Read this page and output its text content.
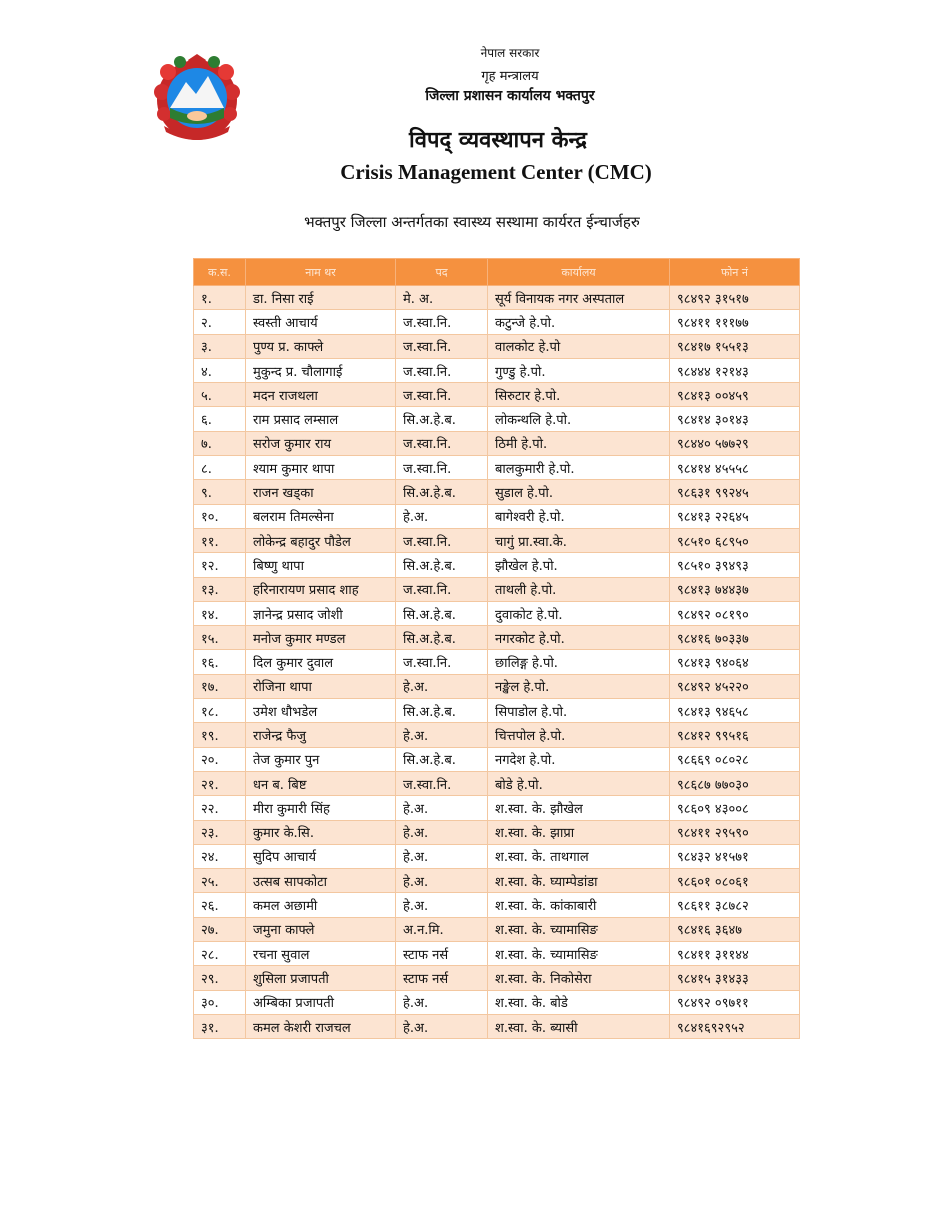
नेपाल सरकार
गृह मन्त्रालय
जिल्ला प्रशासन कार्यालय भक्तपुर
विपद् व्यवस्थापन केन्द्र
Crisis Management Center (CMC)
भक्तपुर जिल्ला अन्तर्गतका स्वास्थ्य सस्थामा कार्यरत ईन्चार्जहरु
क.स.	नाम थर	पद	कार्यालय	फोन नं
१.	डा. निसा राई	मे. अ.	सूर्य विनायक नगर अस्पताल	९८४९२ ३१५१७
२.	स्वस्ती आचार्य	ज.स्वा.नि.	कटुन्जे हे.पो.	९८४११ १११७७
३.	पुण्य प्र. काफ्ले	ज.स्वा.नि.	वालकोट हे.पो	९८४१७ १५५१३
४.	मुकुन्द प्र. चौलागाई	ज.स्वा.नि.	गुण्डु हे.पो.	९८४४४ १२१४३
५.	मदन राजथला	ज.स्वा.नि.	सिरुटार हे.पो.	९८४१३ ००४५९
६.	राम प्रसाद लम्साल	सि.अ.हे.ब.	लोकन्थलि हे.पो.	९८४१४ ३०१४३
७.	सरोज कुमार राय	ज.स्वा.नि.	ठिमी हे.पो.	९८४४० ५७७२९
८.	श्याम कुमार थापा	ज.स्वा.नि.	बालकुमारी हे.पो.	९८४१४ ४५५५८
९.	राजन खड्का	सि.अ.हे.ब.	सुडाल हे.पो.	९८६३१ ९९२४५
१०.	बलराम तिमल्सेना	हे.अ.	बागेश्वरी हे.पो.	९८४१३ २२६४५
११.	लोकेन्द्र बहादुर पौडेल	ज.स्वा.नि.	चागुं प्रा.स्वा.के.	९८५१० ६८९५०
१२.	बिष्णु थापा	सि.अ.हे.ब.	झौखेल हे.पो.	९८५१० ३९४९३
१३.	हरिनारायण प्रसाद शाह	ज.स्वा.नि.	ताथली हे.पो.	९८४१३ ७४४३७
१४.	ज्ञानेन्द्र प्रसाद जोशी	सि.अ.हे.ब.	दुवाकोट हे.पो.	९८४९२ ०८१९०
१५.	मनोज कुमार मण्डल	सि.अ.हे.ब.	नगरकोट हे.पो.	९८४१६ ७०३३७
१६.	दिल कुमार दुवाल	ज.स्वा.नि.	छालिङ्ग हे.पो.	९८४१३ ९४०६४
१७.	रोजिना थापा	हे.अ.	नङ्खेल हे.पो.	९८४९२ ४५२२०
१८.	उमेश धौभडेल	सि.अ.हे.ब.	सिपाडोल हे.पो.	९८४१३ ९४६५८
१९.	राजेन्द्र फैजु	हे.अ.	चित्तपोल हे.पो.	९८४१२ ९९५१६
२०.	तेज कुमार पुन	सि.अ.हे.ब.	नगदेश हे.पो.	९८६६९ ०८०२८
२१.	धन ब. बिष्ट	ज.स्वा.नि.	बोडे हे.पो.	९८६८७ ७७०३०
२२.	मीरा कुमारी सिंह	हे.अ.	श.स्वा. के. झौखेल	९८६०९ ४३००८
२३.	कुमार के.सि.	हे.अ.	श.स्वा. के. झाप्रा	९८४११ २९५९०
२४.	सुदिप आचार्य	हे.अ.	श.स्वा. के. ताथगाल	९८४३२ ४१५७१
२५.	उत्सब सापकोटा	हे.अ.	श.स्वा. के. घ्याम्पेडांडा	९८६०१ ०८०६१
२६.	कमल अछामी	हे.अ.	श.स्वा. के. कांकाबारी	९८६११ ३८७८२
२७.	जमुना काफ्ले	अ.न.मि.	श.स्वा. के. च्यामासिङ	९८४१६ ३६४७
२८.	रचना सुवाल	स्टाफ नर्स	श.स्वा. के. च्यामासिङ	९८४११ ३११४४
२९.	शुसिला प्रजापती	स्टाफ नर्स	श.स्वा. के. निकोसेरा	९८४१५ ३१४३३
३०.	अम्बिका प्रजापती	हे.अ.	श.स्वा. के. बोडे	९८४९२ ०९७११
३१.	कमल केशरी राजचल	हे.अ.	श.स्वा. के. ब्यासी	९८४१६९२९५२
